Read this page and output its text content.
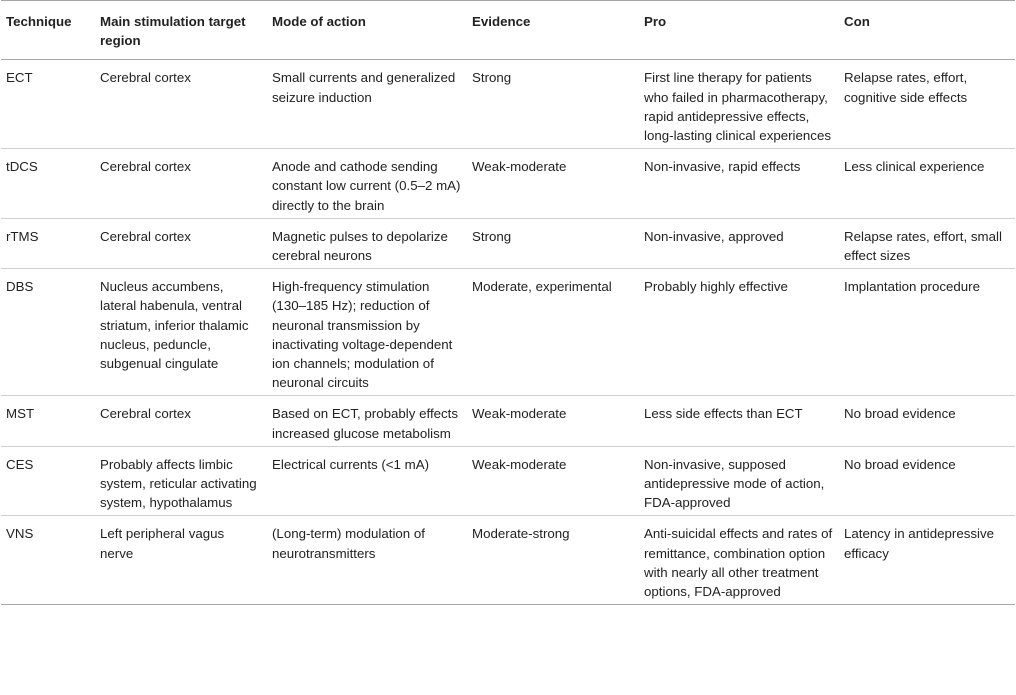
Technique	Main stimulation target region	Mode of action	Evidence	Pro	Con
ECT	Cerebral cortex	Small currents and generalized seizure induction	Strong	First line therapy for patients who failed in pharmacotherapy, rapid antidepressive effects, long-lasting clinical experiences	Relapse rates, effort, cognitive side effects
tDCS	Cerebral cortex	Anode and cathode sending constant low current (0.5–2 mA) directly to the brain	Weak-moderate	Non-invasive, rapid effects	Less clinical experience
rTMS	Cerebral cortex	Magnetic pulses to depolarize cerebral neurons	Strong	Non-invasive, approved	Relapse rates, effort, small effect sizes
DBS	Nucleus accumbens, lateral habenula, ventral striatum, inferior thalamic nucleus, peduncle, subgenual cingulate	High-frequency stimulation (130–185 Hz); reduction of neuronal transmission by inactivating voltage-dependent ion channels; modulation of neuronal circuits	Moderate, experimental	Probably highly effective	Implantation procedure
MST	Cerebral cortex	Based on ECT, probably effects increased glucose metabolism	Weak-moderate	Less side effects than ECT	No broad evidence
CES	Probably affects limbic system, reticular activating system, hypothalamus	Electrical currents (<1 mA)	Weak-moderate	Non-invasive, supposed antidepressive mode of action, FDA-approved	No broad evidence
VNS	Left peripheral vagus nerve	(Long-term) modulation of neurotransmitters	Moderate-strong	Anti-suicidal effects and rates of remittance, combination option with nearly all other treatment options, FDA-approved	Latency in antidepressive efficacy
